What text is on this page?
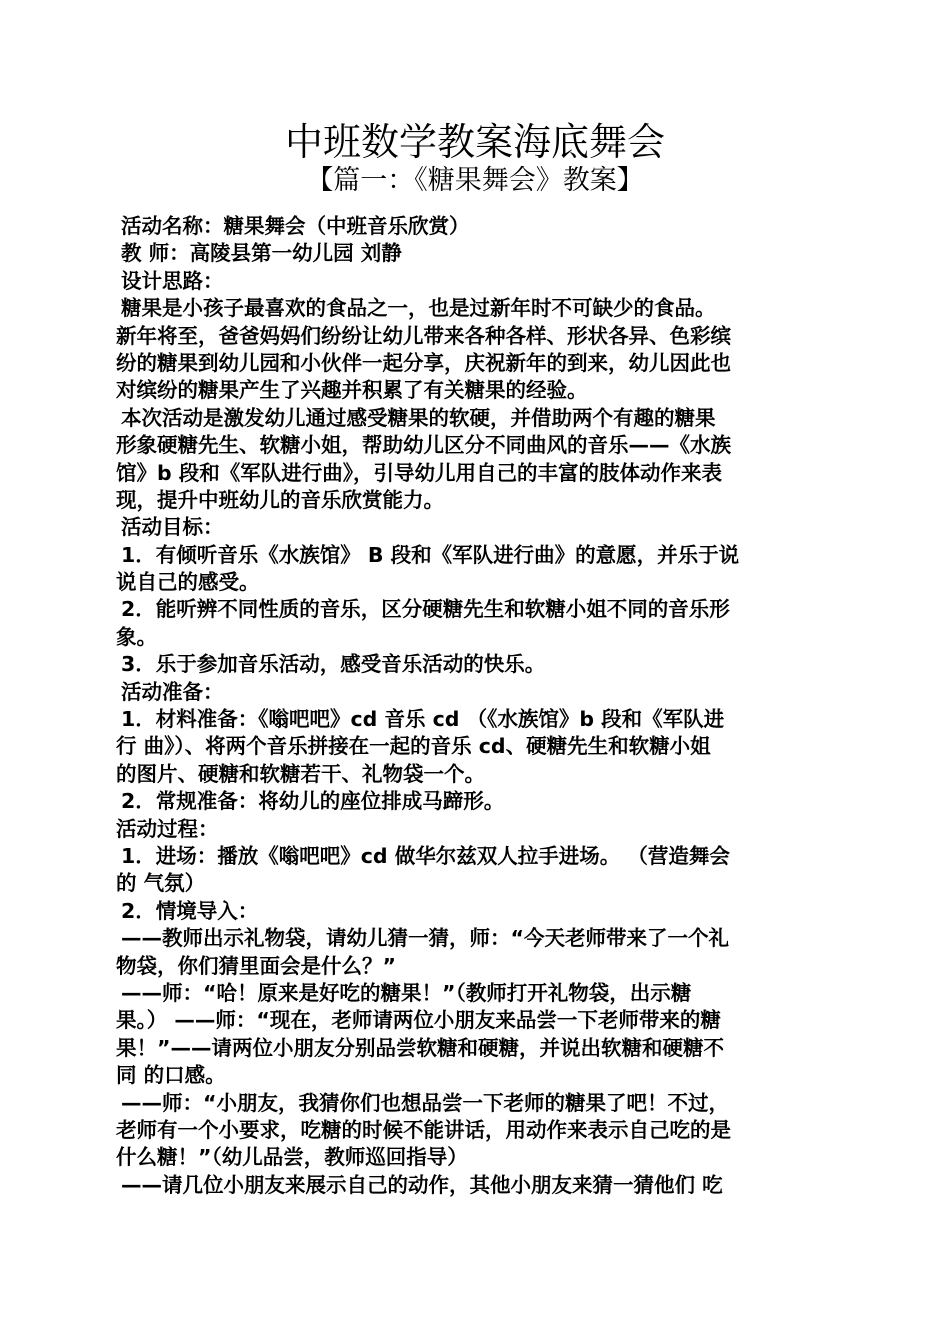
中班数学教案海底舞会
【篇一：《糖果舞会》教案】
活动名称：糖果舞会（中班音乐欣赏）
教 师：高陵县第一幼儿园 刘静
设计思路：
糖果是小孩子最喜欢的食品之一，也是过新年时不可缺少的食品。
新年将至，爸爸妈妈们纷纷让幼儿带来各种各样、形状各异、色彩缤
纷的糖果到幼儿园和小伙伴一起分享，庆祝新年的到来，幼儿因此也
对缤纷的糖果产生了兴趣并积累了有关糖果的经验。
本次活动是激发幼儿通过感受糖果的软硬，并借助两个有趣的糖果
形象硬糖先生、软糖小姐，帮助幼儿区分不同曲风的音乐——《水族
馆》b 段和《军队进行曲》，引导幼儿用自己的丰富的肢体动作来表
现，提升中班幼儿的音乐欣赏能力。
活动目标：
1．有倾听音乐《水族馆》 B 段和《军队进行曲》的意愿，并乐于说
说自己的感受。
2．能听辨不同性质的音乐，区分硬糖先生和软糖小姐不同的音乐形
象。
3．乐于参加音乐活动，感受音乐活动的快乐。
活动准备：
1．材料准备：《嗡吧吧》cd 音乐 cd （《水族馆》b 段和《军队进
行 曲》）、将两个音乐拼接在一起的音乐 cd、硬糖先生和软糖小姐
的图片、硬糖和软糖若干、礼物袋一个。
2．常规准备：将幼儿的座位排成马蹄形。
活动过程：
1．进场：播放《嗡吧吧》cd 做华尔兹双人拉手进场。 （营造舞会
的 气氛）
2．情境导入：
——教师出示礼物袋，请幼儿猜一猜，师：“今天老师带来了一个礼
物袋，你们猜里面会是什么？”
——师：“哈！原来是好吃的糖果！”（教师打开礼物袋，出示糖
果。） ——师：“现在，老师请两位小朋友来品尝一下老师带来的糖
果！”——请两位小朋友分别品尝软糖和硬糖，并说出软糖和硬糖不
同 的口感。
——师：“小朋友，我猜你们也想品尝一下老师的糖果了吧！不过，
老师有一个小要求，吃糖的时候不能讲话，用动作来表示自己吃的是
什么糖！”（幼儿品尝，教师巡回指导）
——请几位小朋友来展示自己的动作，其他小朋友来猜一猜他们 吃
